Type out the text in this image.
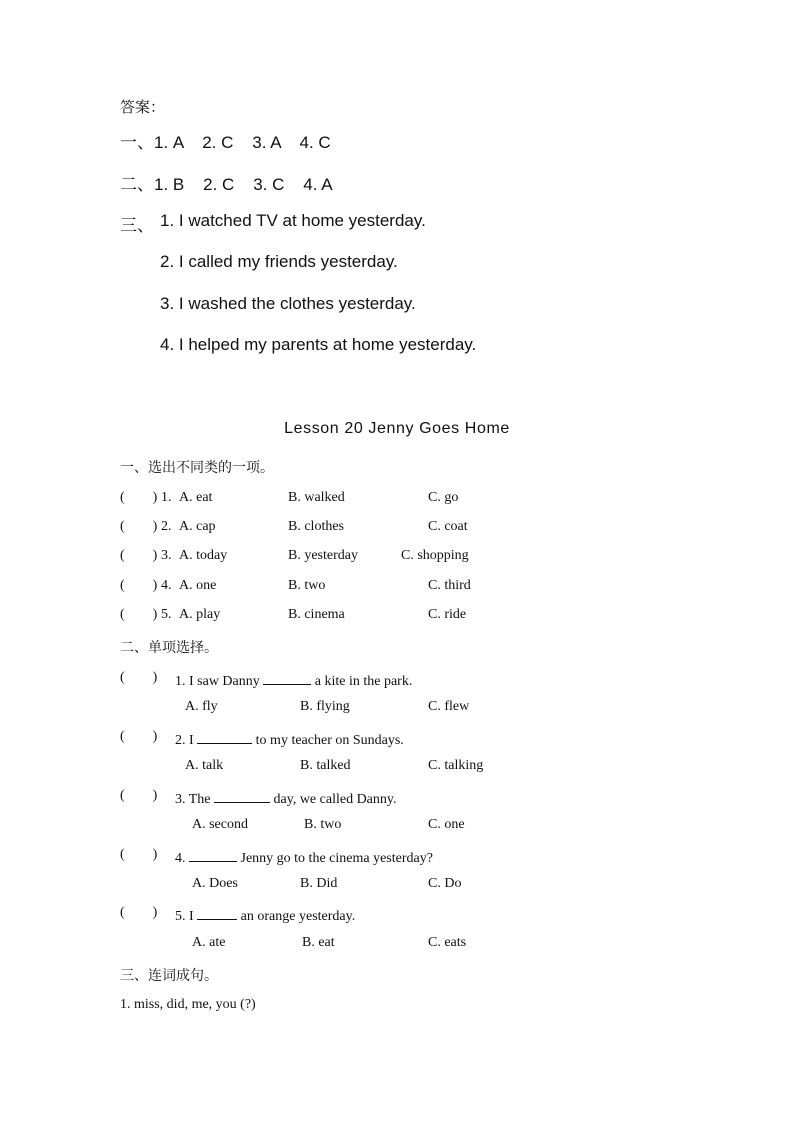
答案：
一、1. A    2. C    3. A    4. C
二、1. B    2. C    3. C    4. A
三、 1. I watched TV at home yesterday.
2. I called my friends yesterday.
3. I washed the clothes yesterday.
4. I helped my parents at home yesterday.
Lesson 20 Jenny Goes Home
一、选出不同类的一项。
(        ) 1. A. eat	B. walked	C. go
(        ) 2. A. cap	B. clothes	C. coat
(        ) 3. A. today	B. yesterday	C. shopping
(        ) 4. A. one	B. two	C. third
(        ) 5. A. play	B. cinema	C. ride
二、单项选择。
(        ) 1. I saw Danny	a kite in the park.
A. fly	B. flying	C. flew
(        ) 2. I	to my teacher on Sundays.
A. talk	B. talked	C. talking
(        ) 3. The	day, we called Danny.
A. second	B. two	C. one
(        ) 4.	Jenny go to the cinema yesterday?
A. Does	B. Did	C. Do
(        ) 5. I	an orange yesterday.
A. ate	B. eat	C. eats
三、连词成句。
1. miss, did, me, you (?)
